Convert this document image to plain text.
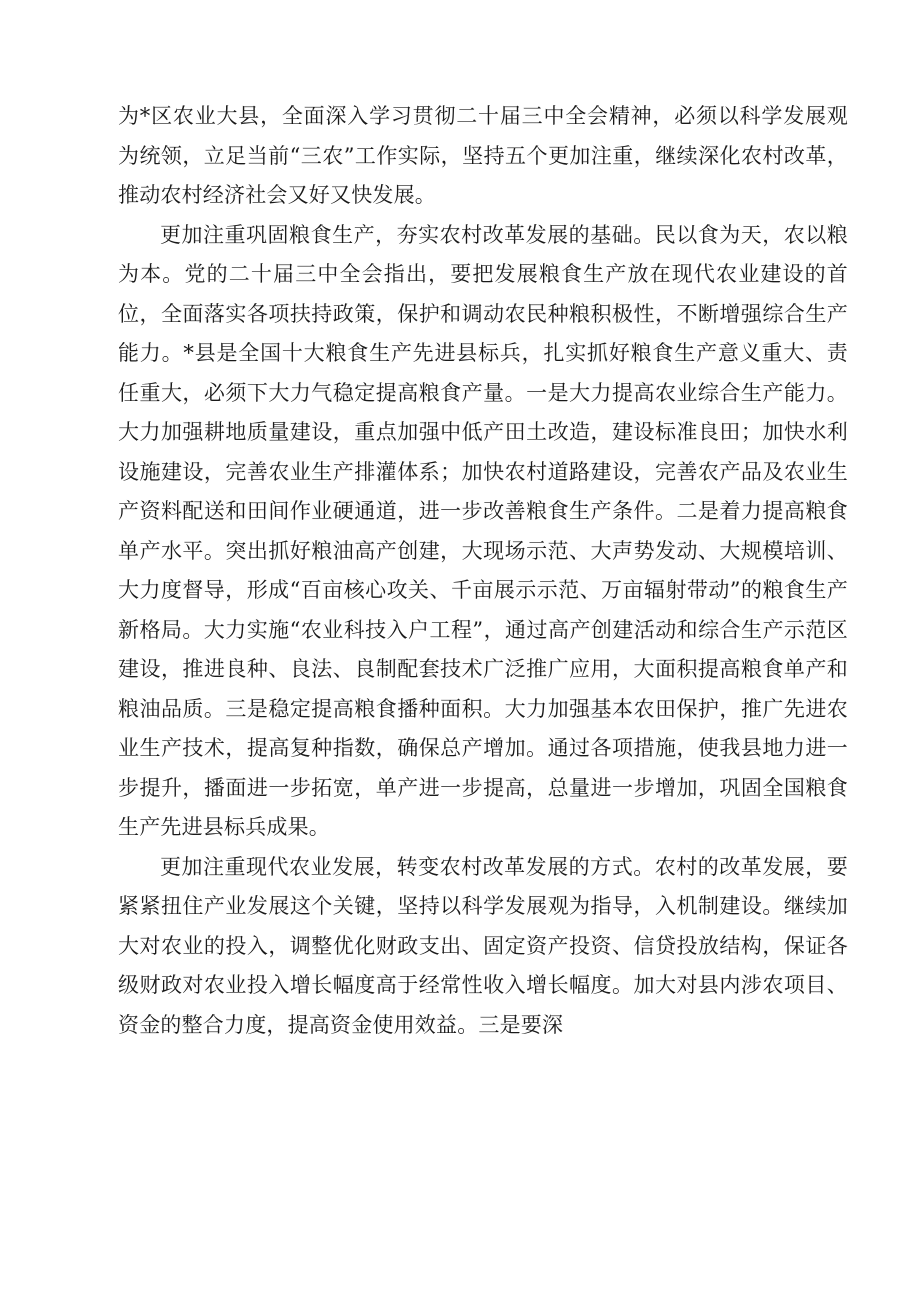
为*区农业大县，全面深入学习贯彻二十届三中全会精神，必须以科学发展观为统领，立足当前“三农”工作实际，坚持五个更加注重，继续深化农村改革，推动农村经济社会又好又快发展。

更加注重巩固粮食生产，夯实农村改革发展的基础。民以食为天，农以粮为本。党的二十届三中全会指出，要把发展粮食生产放在现代农业建设的首位，全面落实各项扶持政策，保护和调动农民种粮积极性，不断增强综合生产能力。*县是全国十大粮食生产先进县标兵，扎实抓好粮食生产意义重大、责任重大，必须下大力气稳定提高粮食产量。一是大力提高农业综合生产能力。大力加强耕地质量建设，重点加强中低产田土改造，建设标准良田；加快水利设施建设，完善农业生产排灌体系；加快农村道路建设，完善农产品及农业生产资料配送和田间作业硬通道，进一步改善粮食生产条件。二是着力提高粮食单产水平。突出抓好粮油高产创建，大现场示范、大声势发动、大规模培训、大力度督导，形成“百亩核心攻关、千亩展示示范、万亩辐射带动”的粮食生产新格局。大力实施“农业科技入户工程”，通过高产创建活动和综合生产示范区建设，推进良种、良法、良制配套技术广泛推广应用，大面积提高粮食单产和粮油品质。三是稳定提高粮食播种面积。大力加强基本农田保护，推广先进农业生产技术，提高复种指数，确保总产增加。通过各项措施，使我县地力进一步提升，播面进一步拓宽，单产进一步提高，总量进一步增加，巩固全国粮食生产先进县标兵成果。

更加注重现代农业发展，转变农村改革发展的方式。农村的改革发展，要紧紧扭住产业发展这个关键，坚持以科学发展观为指导，入机制建设。继续加大对农业的投入，调整优化财政支出、固定资产投资、信贷投放结构，保证各级财政对农业投入增长幅度高于经常性收入增长幅度。加大对县内涉农项目、资金的整合力度，提高资金使用效益。三是要深
